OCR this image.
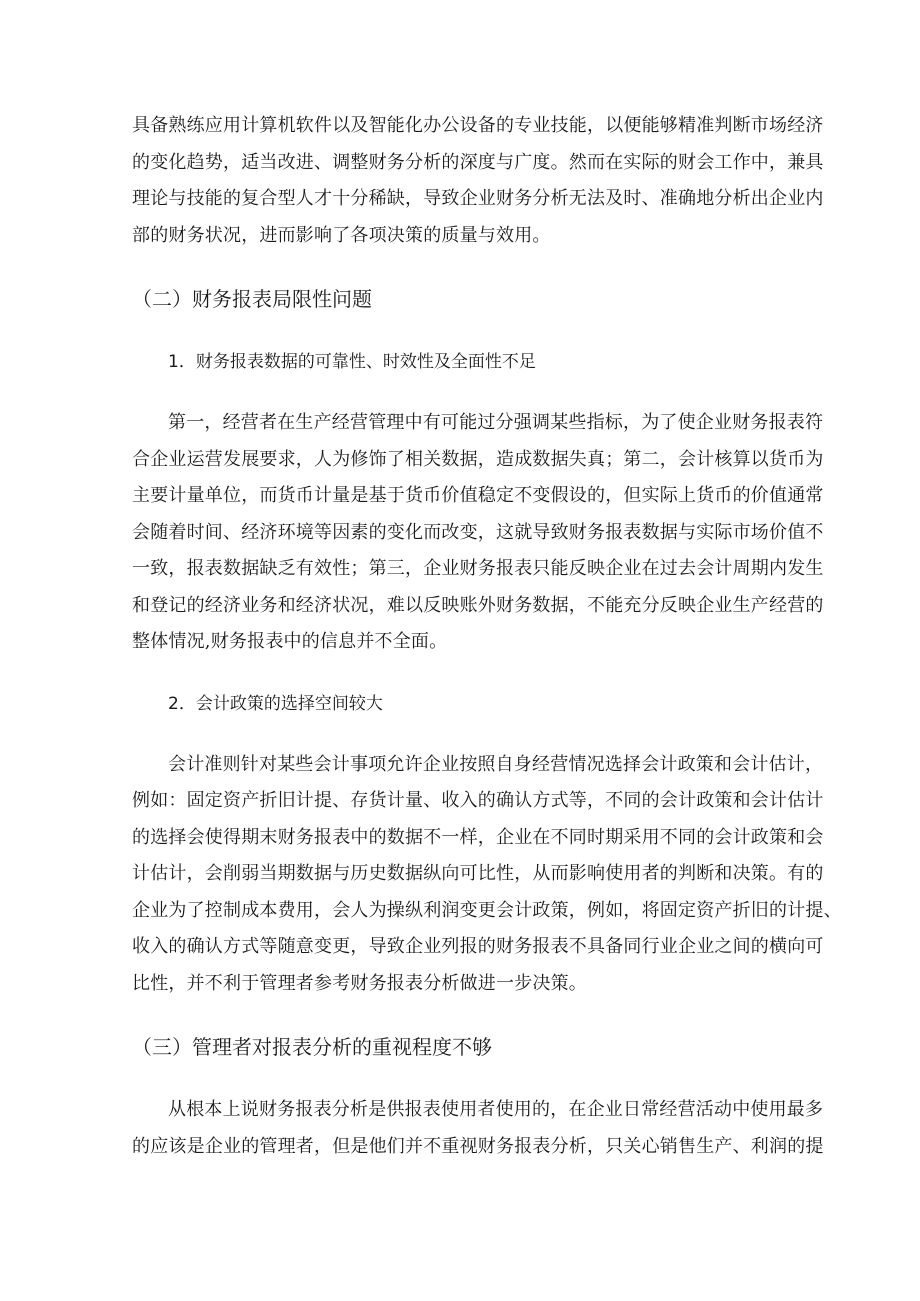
具备熟练应用计算机软件以及智能化办公设备的专业技能，以便能够精准判断市场经济
的变化趋势，适当改进、调整财务分析的深度与广度。然而在实际的财会工作中，兼具
理论与技能的复合型人才十分稀缺，导致企业财务分析无法及时、准确地分析出企业内
部的财务状况，进而影响了各项决策的质量与效用。
（二）财务报表局限性问题
1．财务报表数据的可靠性、时效性及全面性不足
第一，经营者在生产经营管理中有可能过分强调某些指标，为了使企业财务报表符
合企业运营发展要求，人为修饰了相关数据，造成数据失真；第二，会计核算以货币为
主要计量单位，而货币计量是基于货币价值稳定不变假设的，但实际上货币的价值通常
会随着时间、经济环境等因素的变化而改变，这就导致财务报表数据与实际市场价值不
一致，报表数据缺乏有效性；第三，企业财务报表只能反映企业在过去会计周期内发生
和登记的经济业务和经济状况，难以反映账外财务数据，不能充分反映企业生产经营的
整体情况,财务报表中的信息并不全面。
2．会计政策的选择空间较大
会计准则针对某些会计事项允许企业按照自身经营情况选择会计政策和会计估计，
例如：固定资产折旧计提、存货计量、收入的确认方式等，不同的会计政策和会计估计
的选择会使得期末财务报表中的数据不一样，企业在不同时期采用不同的会计政策和会
计估计，会削弱当期数据与历史数据纵向可比性，从而影响使用者的判断和决策。有的
企业为了控制成本费用，会人为操纵利润变更会计政策，例如，将固定资产折旧的计提、
收入的确认方式等随意变更，导致企业列报的财务报表不具备同行业企业之间的横向可
比性，并不利于管理者参考财务报表分析做进一步决策。
（三）管理者对报表分析的重视程度不够
从根本上说财务报表分析是供报表使用者使用的，在企业日常经营活动中使用最多
的应该是企业的管理者，但是他们并不重视财务报表分析，只关心销售生产、利润的提
